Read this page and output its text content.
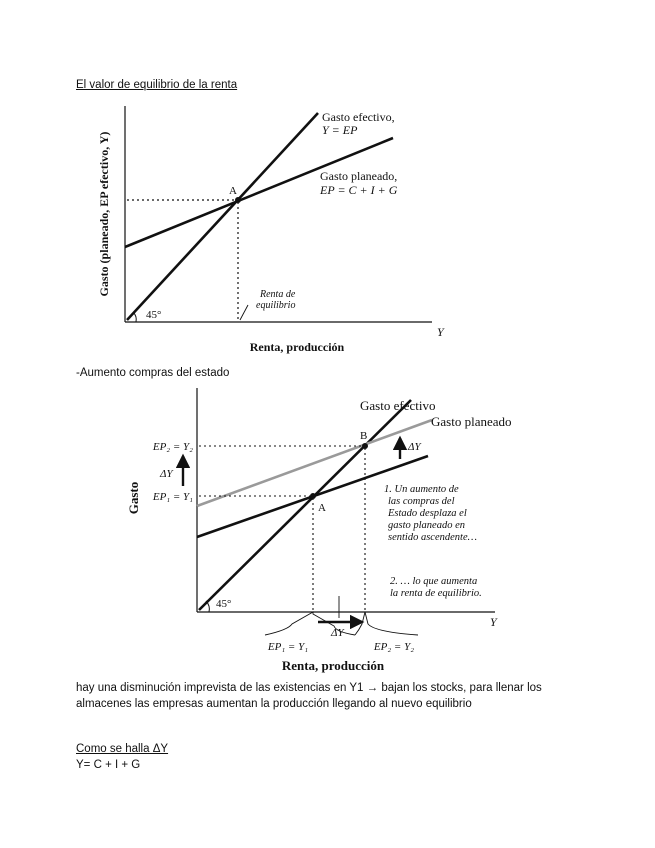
El valor de equilibrio de la renta
-Aumento compras del estado
hay una disminución imprevista de las existencias en Y1 → bajan los stocks, para llenar los
almacenes las empresas aumentan la producción llegando al nuevo equilibrio
Como se halla ΔY
Y= C + I + G
Gasto (planeado, EP efectivo, Y)
Renta, producción
Y
Gasto efectivo,
Y = EP
Gasto planeado,
EP = C + I + G
A
45°
Renta de
equilibrio
Gasto
Renta, producción
Y
Gasto efectivo
Gasto planeado
A
B
EP₂ = Y₂
EP₁ = Y₁
EP₁ = Y₁	EP₂ = Y₂
ΔY
ΔY
ΔY
45°
1. Un aumento de
las compras del
Estado desplaza el
gasto planeado en
sentido ascendente…
2. … lo que aumenta
la renta de equilibrio.
